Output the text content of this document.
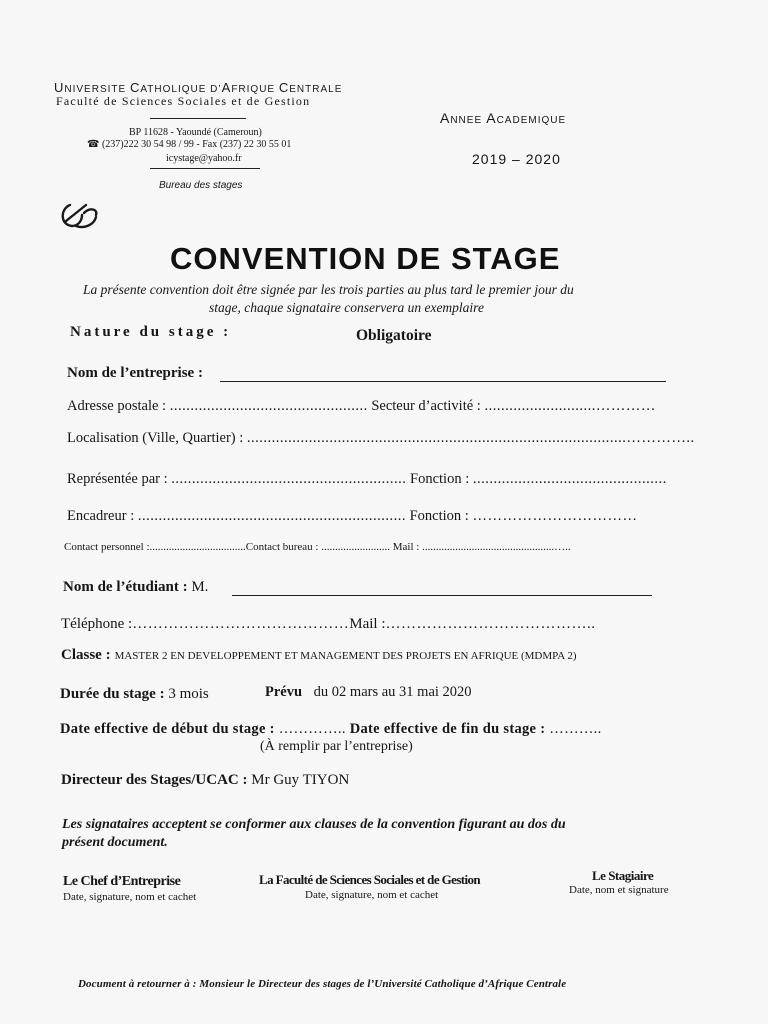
UNIVERSITE CATHOLIQUE D’AFRIQUE CENTRALE
Faculté de Sciences Sociales et de Gestion
BP 11628 - Yaoundé (Cameroun)
☎ (237)222 30 54 98 / 99 - Fax (237) 22 30 55 01
icystage@yahoo.fr
Bureau des stages
Annee Academique
2019 – 2020
CONVENTION DE STAGE
La présente convention doit être signée par les trois parties au plus tard le premier jour du
stage, chaque signataire conservera un exemplaire
Nature du stage :	Obligatoire
Nom de l’entreprise :
Adresse postale : ................................................ Secteur d’activité : ...........................…………
Localisation (Ville, Quartier) : ............................................................................................…………..
Représentée par : ......................................................... Fonction : ...............................................
Encadreur : ................................................................. Fonction : ……………………………
Contact personnel :...................................Contact bureau : ......................... Mail : ................................................…..
Nom de l’étudiant : M.
Téléphone :……………………………………Mail :…………………………………..
Classe : MASTER 2 EN DEVELOPPEMENT ET MANAGEMENT DES PROJETS EN AFRIQUE (MDMPA 2)
Durée du stage : 3 mois	Prévu du 02 mars au 31 mai 2020
Date effective de début du stage : ………….. Date effective de fin du stage : ………..
(À remplir par l’entreprise)
Directeur des Stages/UCAC : Mr Guy TIYON
Les signataires acceptent se conformer aux clauses de la convention figurant au dos du
présent document.
Le Chef d’Entreprise
Date, signature, nom et cachet
La Faculté de Sciences Sociales et de Gestion
Date, signature, nom et cachet
Le Stagiaire
Date, nom et signature
Document à retourner à : Monsieur le Directeur des stages de l’Université Catholique d’Afrique Centrale
